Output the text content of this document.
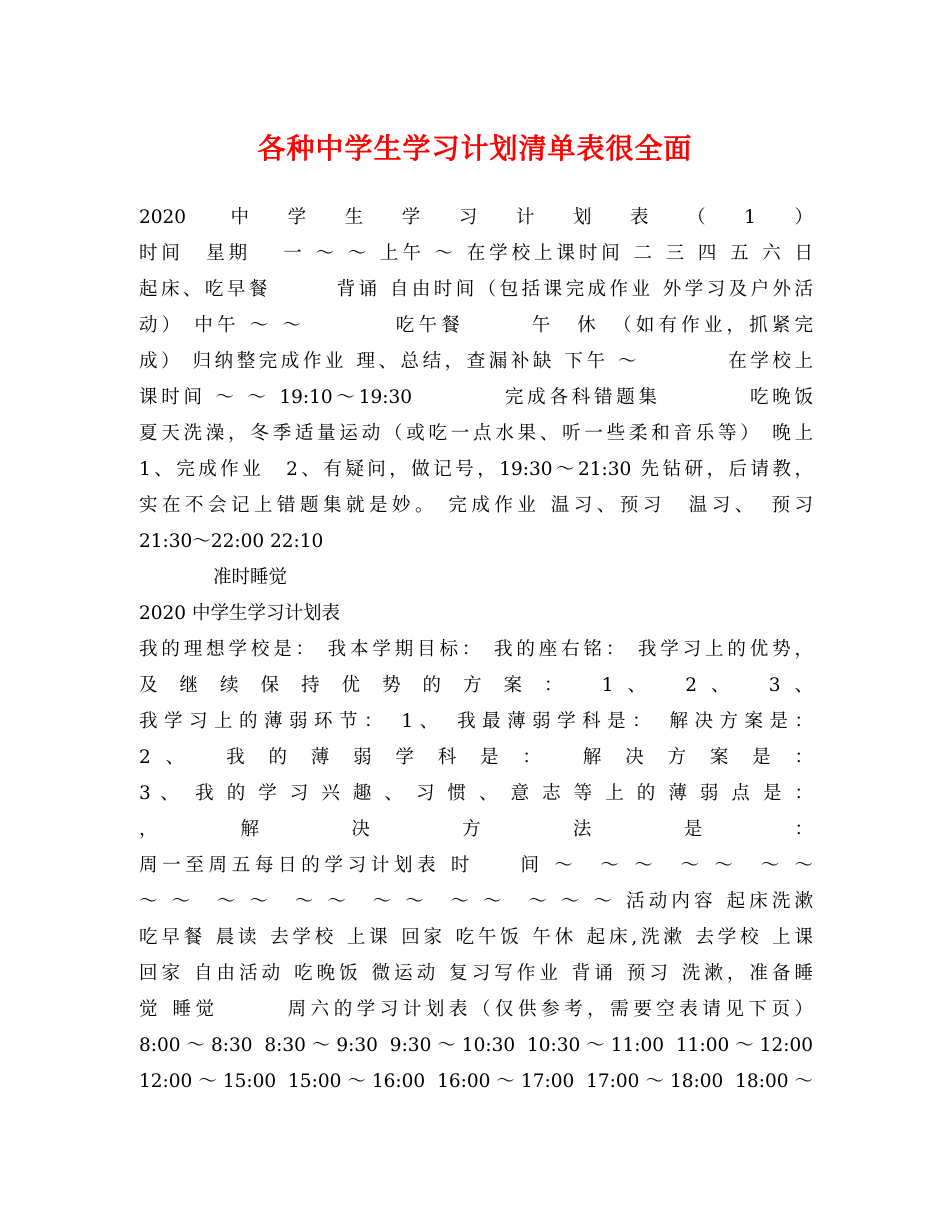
各种中学生学习计划清单表很全面
2020 中学生学习计划表（1）
时间　星期　 一 ～ ～ 上午 ～ 在学校上课时间 二 三 四 五 六 日
起床、吃早餐　　　背诵 自由时间（包括课完成作业 外学习及户外活
动） 中午 ～ ～　　　　吃午餐　　　午　休　（如有作业，抓紧完
成） 归纳整完成作业 理、总结，查漏补缺 下午 ～　　　　在学校上
课时间 ～ ～ 19:10～19:30　　　　完成各科错题集　　　　吃晚饭
夏天洗澡，冬季适量运动（或吃一点水果、听一些柔和音乐等） 晚上
1、完成作业　2、有疑问，做记号，19:30～21:30 先钻研，后请教，
实在不会记上错题集就是妙。 完成作业 温习、预习　温习、　预习
21:30～22:00 22:10
　　　　准时睡觉
2020 中学生学习计划表
我的理想学校是： 我本学期目标： 我的座右铭： 我学习上的优势，
及 继 续 保 持 优 势 的 方 案 ：　 1 、　 2 、　 3 、
我学习上的薄弱环节： 1、 我最薄弱学科是： 解决方案是：
2 、　 我 的 薄 弱 学 科 是 ：　 解 决 方 案 是 ：
3 、　我 的 学 习 兴 趣 、 习 惯 、 意 志 等 上 的 薄 弱 点 是 ：
，　　　　解　　　　决　　　　方　　　　法　　　　是　　　　：
周一至周五每日的学习计划表 时　　间 ～　～ ～　～ ～　～ ～
～ ～　～ ～　～ ～　～ ～　～ ～　～ ～ ～ 活动内容 起床洗漱
吃早餐 晨读 去学校 上课 回家 吃午饭 午休 起床,洗漱 去学校 上课
回家 自由活动 吃晚饭 微运动 复习写作业 背诵 预习 洗漱，准备睡
觉 睡觉　　　周六的学习计划表（仅供参考，需要空表请见下页）
8:00～8:30 8:30～9:30 9:30～10:30 10:30～11:00 11:00～12:00
12:00～15:00 15:00～16:00 16:00～17:00 17:00～18:00 18:00～
